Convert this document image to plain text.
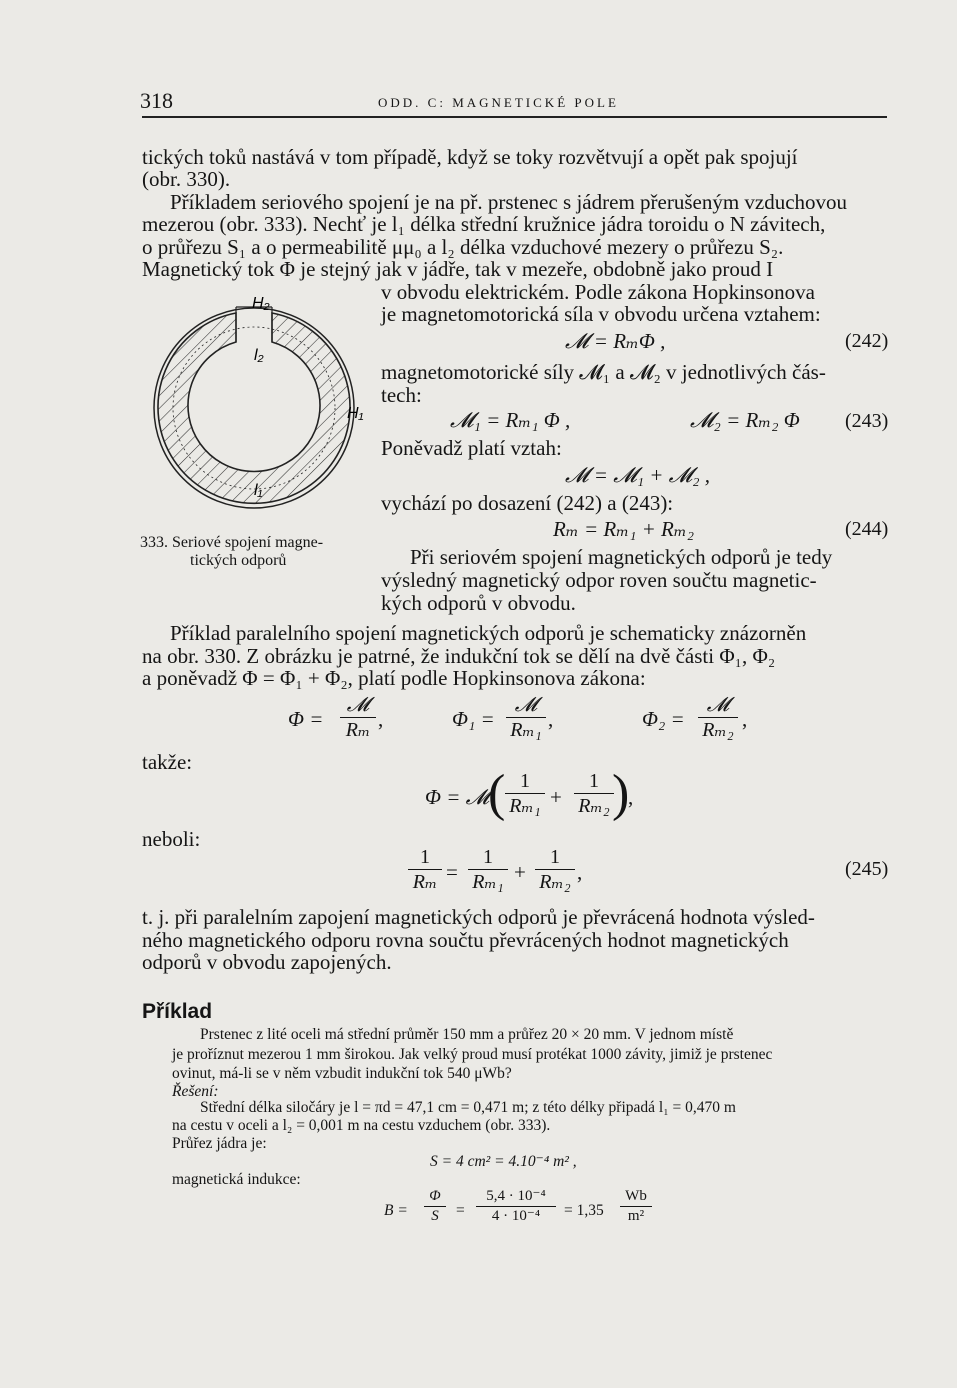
318	ODD. C: MAGNETICKÉ POLE
tických toků nastává v tom případě, když se toky rozvětvují a opět pak spojují
(obr. 330).
Příkladem seriového spojení je na př. prstenec s jádrem přerušeným vzduchovou
mezerou (obr. 333). Nechť je l₁ délka střední kružnice jádra toroidu o N závitech,
o průřezu S₁ a o permeabilitě μμ₀ a l₂ délka vzduchové mezery o průřezu S₂.
Magnetický tok Φ je stejný jak v jádře, tak v mezeře, obdobně jako proud I
H₂
l₂
H₁
l₁
333. Seriové spojení magne-
tických odporů
v obvodu elektrickém. Podle zákona Hopkinsonova
je magnetomotorická síla v obvodu určena vztahem:
𝓜 = RₘΦ ,	(242)
magnetomotorické síly 𝓜₁ a 𝓜₂ v jednotlivých čás-
tech:
𝓜₁ = Rₘ₁ Φ ,	𝓜₂ = Rₘ₂ Φ (243)
Poněvadž platí vztah:
𝓜 = 𝓜₁ + 𝓜₂ ,
vychází po dosazení (242) a (243):
Rₘ = Rₘ₁ + Rₘ₂	(244)
Při seriovém spojení magnetických odporů je tedy
výsledný magnetický odpor roven součtu magnetic-
kých odporů v obvodu.
Příklad paralelního spojení magnetických odporů je schematicky znázorněn
na obr. 330. Z obrázku je patrné, že indukční tok se dělí na dvě části Φ₁, Φ₂
a poněvadž Φ = Φ₁ + Φ₂, platí podle Hopkinsonova zákona:
Φ =
𝓜
Rₘ ,	Φ₁ =
𝓜
Rₘ₁ ,	Φ₂ =
𝓜
Rₘ₂ ,
takže:
Φ = 𝓜
( 1
Rₘ₁ +
1
Rₘ₂ )
,
neboli:
1
Rₘ =
1
Rₘ₁ +
1
Rₘ₂ ,	(245)
t. j. při paralelním zapojení magnetických odporů je převrácená hodnota výsled-
ného magnetického odporu rovna součtu převrácených hodnot magnetických
odporů v obvodu zapojených.
Příklad
Prstenec z lité oceli má střední průměr 150 mm a průřez 20 × 20 mm. V jednom místě
je proříznut mezerou 1 mm širokou. Jak velký proud musí protékat 1000 závity, jimiž je prstenec
ovinut, má-li se v něm vzbudit indukční tok 540 μWb?
Řešení:
Střední délka siločáry je l = πd = 47,1 cm = 0,471 m; z této délky připadá l₁ = 0,470 m
na cestu v oceli a l₂ = 0,001 m na cestu vzduchem (obr. 333).
Průřez jádra je:
S = 4 cm² = 4.10⁻⁴ m² ,
magnetická indukce:
B =
Φ
S	=
5,4 · 10⁻⁴
4 · 10⁻⁴	= 1,35
Wb
m²
